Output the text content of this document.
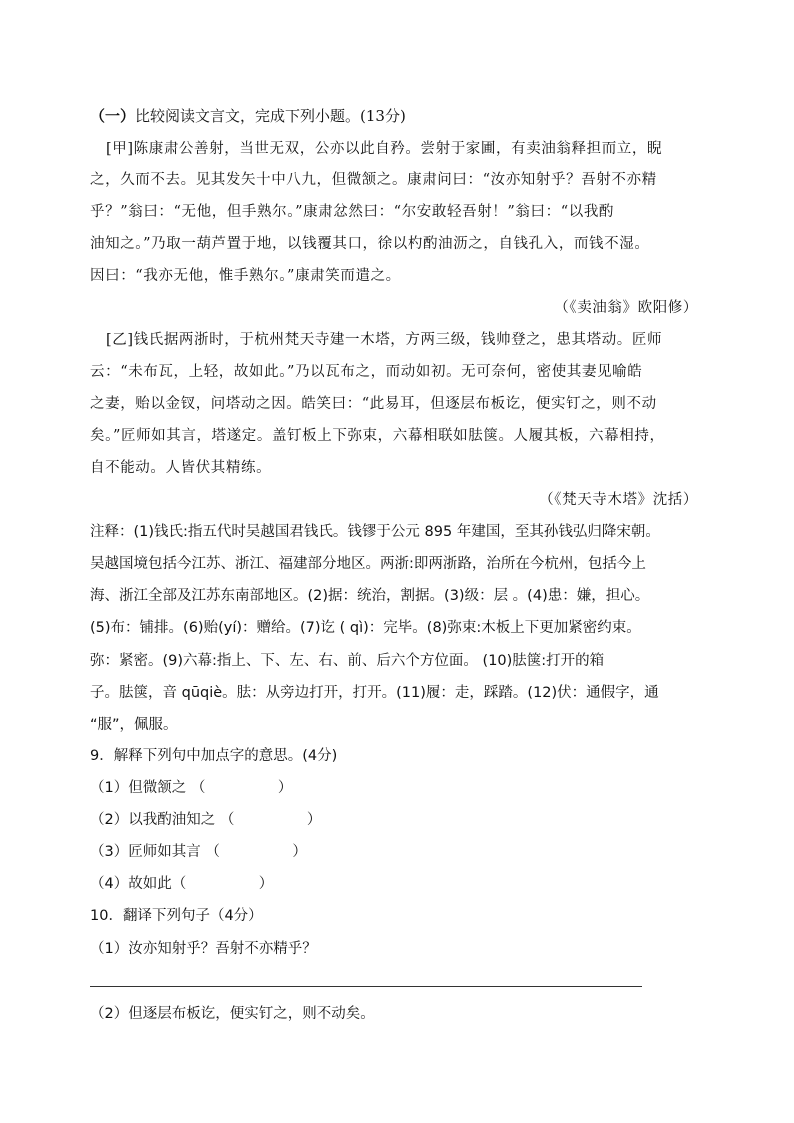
（一）比较阅读文言文，完成下列小题。(13分)
[甲]陈康肃公善射，当世无双，公亦以此自矜。尝射于家圃，有卖油翁释担而立，睨
之，久而不去。见其发矢十中八九，但微颔之。康肃问曰：“汝亦知射乎？吾射不亦精
乎？”翁曰：“无他，但手熟尔。”康肃忿然曰：“尔安敢轻吾射！”翁曰：“以我酌
油知之。”乃取一葫芦置于地，以钱覆其口，徐以杓酌油沥之，自钱孔入，而钱不湿。
因曰：“我亦无他，惟手熟尔。”康肃笑而遣之。
（《卖油翁》欧阳修）
[乙]钱氏据两浙时，于杭州梵天寺建一木塔，方两三级，钱帅登之，患其塔动。匠师
云：“未布瓦，上轻，故如此。”乃以瓦布之，而动如初。无可奈何，密使其妻见喻皓
之妻，贻以金钗，问塔动之因。皓笑曰：“此易耳，但逐层布板讫，便实钉之，则不动
矣。”匠师如其言，塔遂定。盖钉板上下弥束，六幕相联如胠箧。人履其板，六幕相持，
自不能动。人皆伏其精练。
（《梵天寺木塔》沈括）
注释：(1)钱氏:指五代时吴越国君钱氏。钱镠于公元 895 年建国，至其孙钱弘归降宋朝。
吴越国境包括今江苏、浙江、福建部分地区。两浙:即两浙路，治所在今杭州，包括今上
海、浙江全部及江苏东南部地区。(2)据：统治，割据。(3)级：层 。(4)患：嫌，担心。
(5)布：铺排。(6)贻(yí)：赠给。(7)讫 ( qì)：完毕。(8)弥束:木板上下更加紧密约束。
弥：紧密。(9)六幕:指上、下、左、右、前、后六个方位面。 (10)胠箧:打开的箱
子。胠箧，音 qūqiè。胠：从旁边打开，打开。(11)履：走，踩踏。(12)伏：通假字，通
“服”，佩服。
9．解释下列句中加点字的意思。(4分)
（1）但微颔之 （　　　　　）
（2）以我酌油知之 （　　　　　）
（3）匠师如其言 （　　　　　）
（4）故如此（　　　　　）
10．翻译下列句子（4分）
（1）汝亦知射乎？吾射不亦精乎？
（2）但逐层布板讫，便实钉之，则不动矣。
